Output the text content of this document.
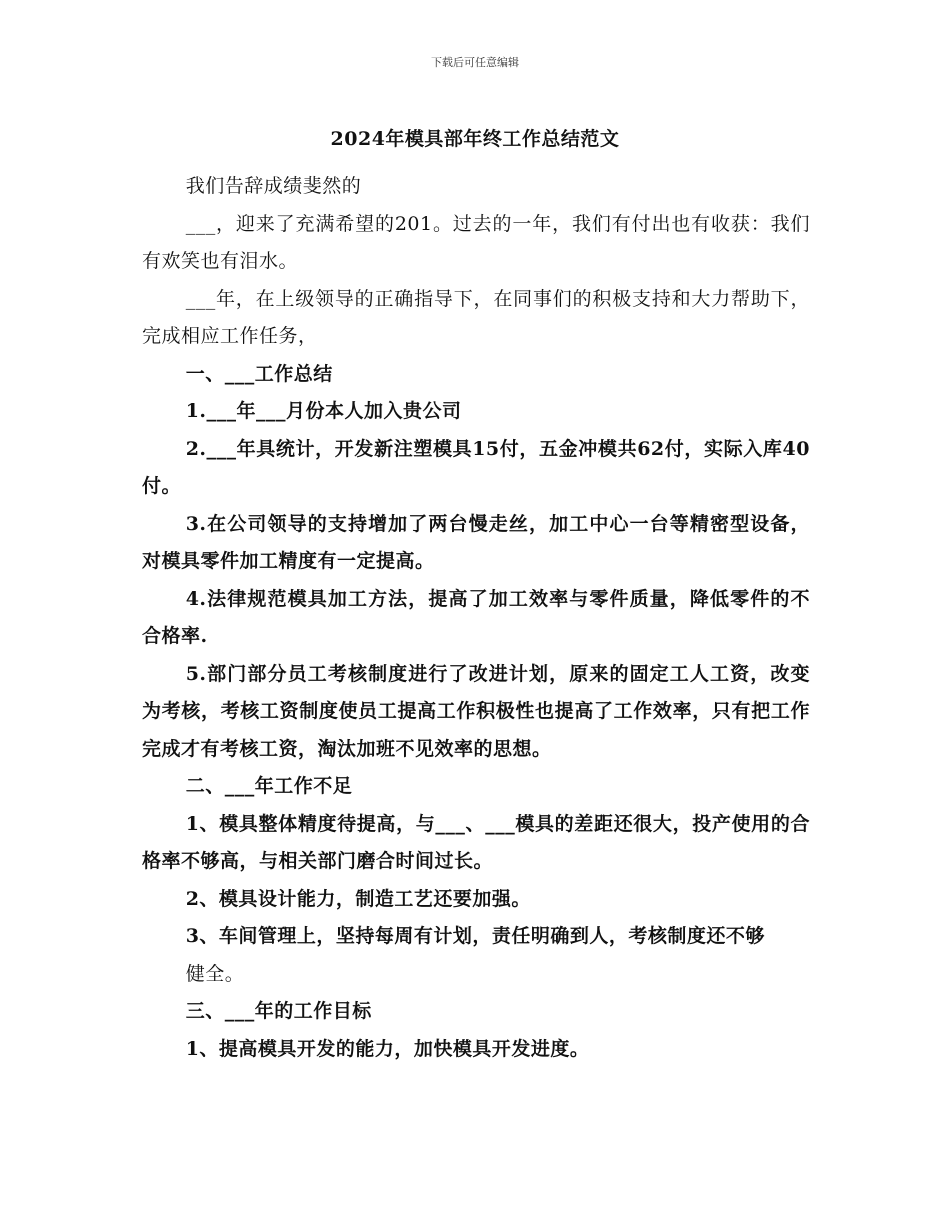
下载后可任意编辑
2024年模具部年终工作总结范文

我们告辞成绩斐然的

___，迎来了充满希望的201。过去的一年，我们有付出也有收获：我们有欢笑也有泪水。

___年，在上级领导的正确指导下，在同事们的积极支持和大力帮助下，完成相应工作任务，

一、___工作总结

1.___年___月份本人加入贵公司

2.___年具统计，开发新注塑模具15付，五金冲模共62付，实际入库40付。

3.在公司领导的支持增加了两台慢走丝，加工中心一台等精密型设备，对模具零件加工精度有一定提高。

4.法律规范模具加工方法，提高了加工效率与零件质量，降低零件的不合格率.

5.部门部分员工考核制度进行了改进计划，原来的固定工人工资，改变为考核，考核工资制度使员工提高工作积极性也提高了工作效率，只有把工作完成才有考核工资，淘汰加班不见效率的思想。

二、___年工作不足

1、模具整体精度待提高，与___、___模具的差距还很大，投产使用的合格率不够高，与相关部门磨合时间过长。

2、模具设计能力，制造工艺还要加强。

3、车间管理上，坚持每周有计划，责任明确到人，考核制度还不够

健全。

三、___年的工作目标

1、提高模具开发的能力，加快模具开发进度。
